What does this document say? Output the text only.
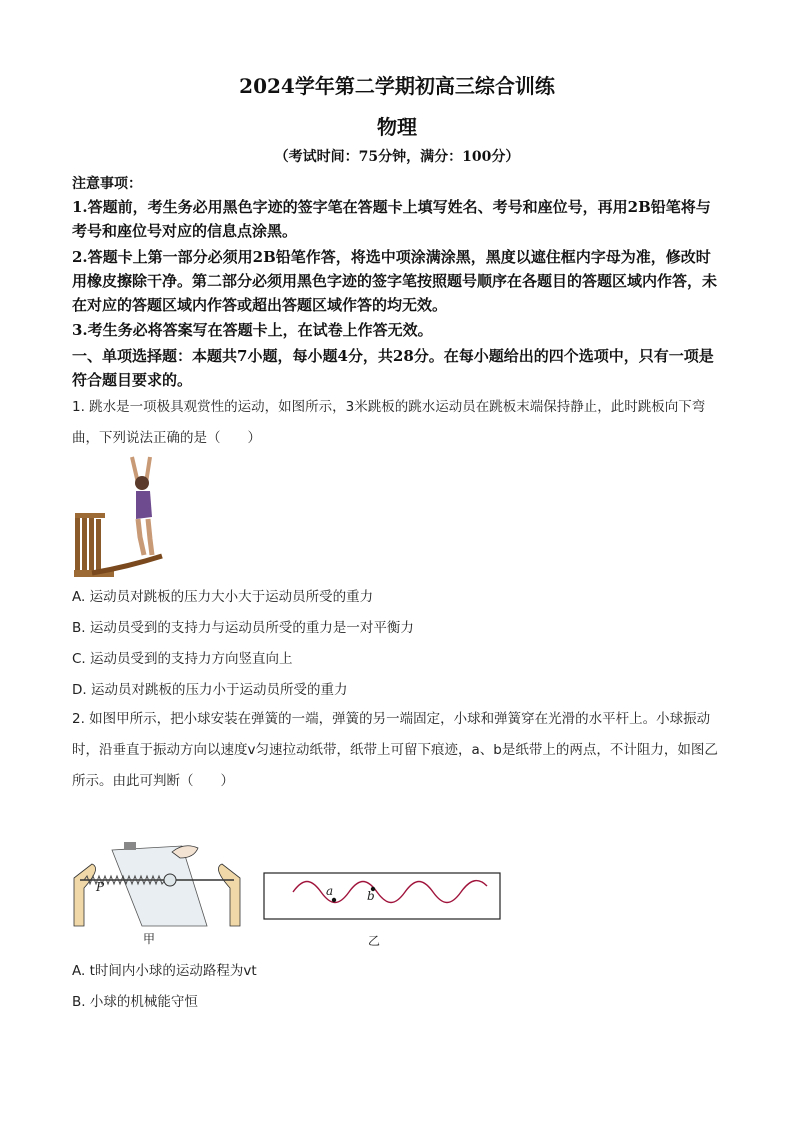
2024学年第二学期初高三综合训练
物理
（考试时间：75分钟，满分：100分）
注意事项：
1.答题前，考生务必用黑色字迹的签字笔在答题卡上填写姓名、考号和座位号，再用2B铅笔将与考号和座位号对应的信息点涂黑。
2.答题卡上第一部分必须用2B铅笔作答，将选中项涂满涂黑，黑度以遮住框内字母为准，修改时用橡皮擦除干净。第二部分必须用黑色字迹的签字笔按照题号顺序在各题目的答题区域内作答，未在对应的答题区域内作答或超出答题区域作答的均无效。
3.考生务必将答案写在答题卡上，在试卷上作答无效。
一、单项选择题：本题共7小题，每小题4分，共28分。在每小题给出的四个选项中，只有一项是符合题目要求的。
1. 跳水是一项极具观赏性的运动，如图所示，3米跳板的跳水运动员在跳板末端保持静止，此时跳板向下弯曲，下列说法正确的是（　　）
A. 运动员对跳板的压力大小大于运动员所受的重力
B. 运动员受到的支持力与运动员所受的重力是一对平衡力
C. 运动员受到的支持力方向竖直向上
D. 运动员对跳板的压力小于运动员所受的重力
2. 如图甲所示，把小球安装在弹簧的一端，弹簧的另一端固定，小球和弹簧穿在光滑的水平杆上。小球振动时，沿垂直于振动方向以速度v匀速拉动纸带，纸带上可留下痕迹，a、b是纸带上的两点，不计阻力，如图乙所示。由此可判断（　　）
P
甲
a	b
乙
A. t时间内小球的运动路程为vt
B. 小球的机械能守恒
